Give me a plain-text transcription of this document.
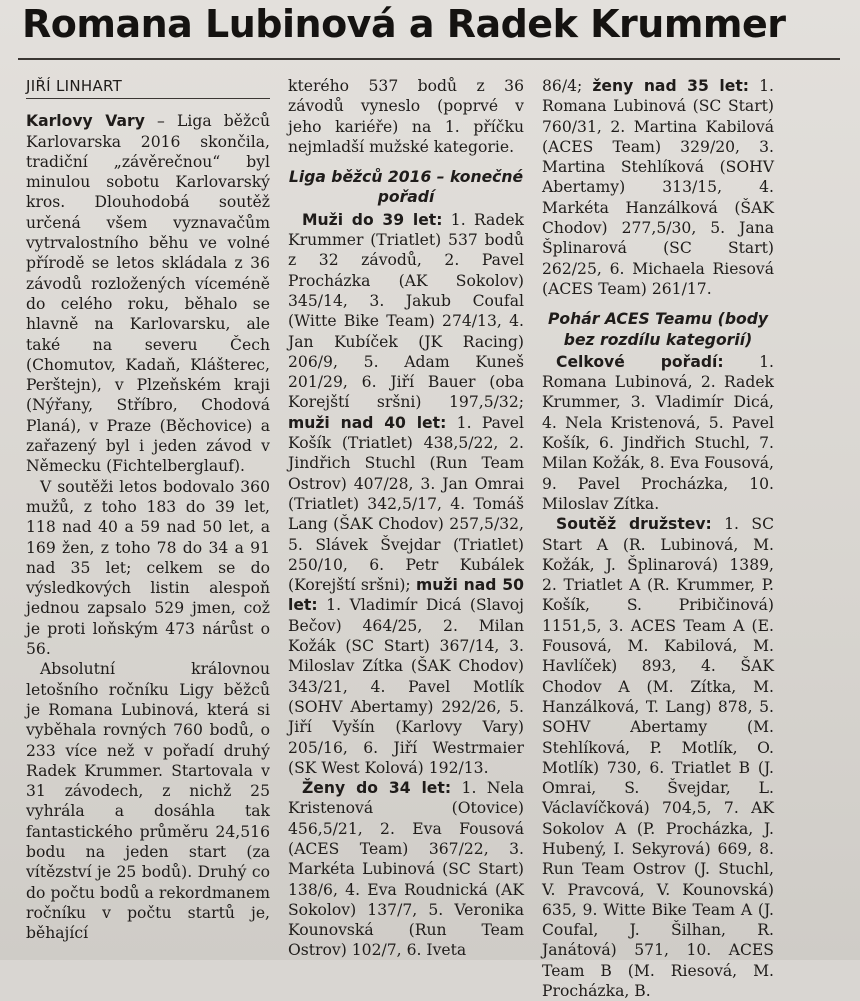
Romana Lubinová a Radek Krummer
JIŘÍ LINHART

Karlovy Vary – Liga běžců Karlovarska 2016 skončila, tradiční „závěrečnou“ byl minulou sobotu Karlovarský kros. Dlouhodobá soutěž určená všem vyznavačům vytrvalostního běhu ve volné přírodě se letos skládala z 36 závodů rozložených víceméně do celého roku, běhalo se hlavně na Karlovarsku, ale také na severu Čech (Chomutov, Kadaň, Klášterec, Perštejn), v Plzeňském kraji (Nýřany, Stříbro, Chodová Planá), v Praze (Běchovice) a zařazený byl i jeden závod v Německu (Fichtelberglauf).

V soutěži letos bodovalo 360 mužů, z toho 183 do 39 let, 118 nad 40 a 59 nad 50 let, a 169 žen, z toho 78 do 34 a 91 nad 35 let; celkem se do výsledkových listin alespoň jednou zapsalo 529 jmen, což je proti loňským 473 nárůst o 56.

Absolutní královnou letošního ročníku Ligy běžců je Romana Lubinová, která si vyběhala rovných 760 bodů, o 233 více než v pořadí druhý Radek Krummer. Startovala v 31 závodech, z nichž 25 vyhrála a dosáhla tak fantastického průměru 24,516 bodu na jeden start (za vítězství je 25 bodů). Druhý co do počtu bodů a rekordmanem ročníku v počtu startů je, běhající

kterého 537 bodů z 36 závodů vyneslo (poprvé v jeho kariéře) na 1. příčku nejmladší mužské kategorie.

Liga běžců 2016 – konečné pořadí

Muži do 39 let: 1. Radek Krummer (Triatlet) 537 bodů z 32 závodů, 2. Pavel Procházka (AK Sokolov) 345/14, 3. Jakub Coufal (Witte Bike Team) 274/13, 4. Jan Kubíček (JK Racing) 206/9, 5. Adam Kuneš 201/29, 6. Jiří Bauer (oba Korejští sršni) 197,5/32; muži nad 40 let: 1. Pavel Košík (Triatlet) 438,5/22, 2. Jindřich Stuchl (Run Team Ostrov) 407/28, 3. Jan Omrai (Triatlet) 342,5/17, 4. Tomáš Lang (ŠAK Chodov) 257,5/32, 5. Slávek Švejdar (Triatlet) 250/10, 6. Petr Kubálek (Korejští sršni); muži nad 50 let: 1. Vladimír Dicá (Slavoj Bečov) 464/25, 2. Milan Kožák (SC Start) 367/14, 3. Miloslav Zítka (ŠAK Chodov) 343/21, 4. Pavel Motlík (SOHV Abertamy) 292/26, 5. Jiří Vyšín (Karlovy Vary) 205/16, 6. Jiří Westrmaier (SK West Kolová) 192/13.

Ženy do 34 let: 1. Nela Kristenová (Otovice) 456,5/21, 2. Eva Fousová (ACES Team) 367/22, 3. Markéta Lubinová (SC Start) 138/6, 4. Eva Roudnická (AK Sokolov) 137/7, 5. Veronika Kounovská (Run Team Ostrov) 102/7, 6. Iveta

86/4; ženy nad 35 let: 1. Romana Lubinová (SC Start) 760/31, 2. Martina Kabilová (ACES Team) 329/20, 3. Martina Stehlíková (SOHV Abertamy) 313/15, 4. Markéta Hanzálková (ŠAK Chodov) 277,5/30, 5. Jana Šplinarová (SC Start) 262/25, 6. Michaela Riesová (ACES Team) 261/17.

Pohár ACES Teamu (body bez rozdílu kategorií)

Celkové pořadí: 1. Romana Lubinová, 2. Radek Krummer, 3. Vladimír Dicá, 4. Nela Kristenová, 5. Pavel Košík, 6. Jindřich Stuchl, 7. Milan Kožák, 8. Eva Fousová, 9. Pavel Procházka, 10. Miloslav Zítka.

Soutěž družstev: 1. SC Start A (R. Lubinová, M. Kožák, J. Šplinarová) 1389, 2. Triatlet A (R. Krummer, P. Košík, S. Pribičinová) 1151,5, 3. ACES Team A (E. Fousová, M. Kabilová, M. Havlíček) 893, 4. ŠAK Chodov A (M. Zítka, M. Hanzálková, T. Lang) 878, 5. SOHV Abertamy (M. Stehlíková, P. Motlík, O. Motlík) 730, 6. Triatlet B (J. Omrai, S. Švejdar, L. Václavíčková) 704,5, 7. AK Sokolov A (P. Procházka, J. Hubený, I. Sekyrová) 669, 8. Run Team Ostrov (J. Stuchl, V. Pravcová, V. Kounovská) 635, 9. Witte Bike Team A (J. Coufal, J. Šilhan, R. Janátová) 571, 10. ACES Team B (M. Riesová, M. Procházka, B.
